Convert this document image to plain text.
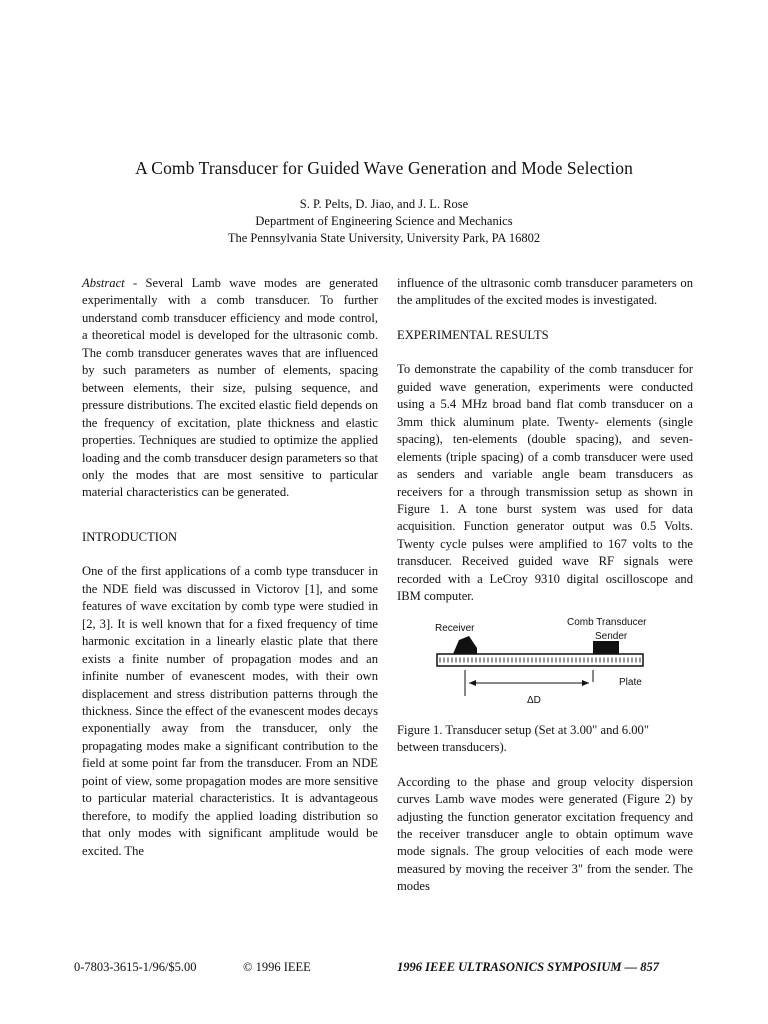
A Comb Transducer for Guided Wave Generation and Mode Selection
S. P. Pelts, D. Jiao, and J. L. Rose
Department of Engineering Science and Mechanics
The Pennsylvania State University, University Park, PA 16802

Abstract - Several Lamb wave modes are generated experimentally with a comb transducer. To further understand comb transducer efficiency and mode control, a theoretical model is developed for the ultrasonic comb. The comb transducer generates waves that are influenced by such parameters as number of elements, spacing between elements, their size, pulsing sequence, and pressure distributions. The excited elastic field depends on the frequency of excitation, plate thickness and elastic properties. Techniques are studied to optimize the applied loading and the comb transducer design parameters so that only the modes that are most sensitive to particular material characteristics can be generated.

INTRODUCTION

One of the first applications of a comb type transducer in the NDE field was discussed in Victorov [1], and some features of wave excitation by comb type were studied in [2, 3]. It is well known that for a fixed frequency of time harmonic excitation in a linearly elastic plate that there exists a finite number of propagation modes and an infinite number of evanescent modes, with their own displacement and stress distribution patterns through the thickness. Since the effect of the evanescent modes decays exponentially away from the transducer, only the propagating modes make a significant contribution to the field at some point far from the transducer. From an NDE point of view, some propagation modes are more sensitive to particular material characteristics. It is advantageous therefore, to modify the applied loading distribution so that only modes with significant amplitude would be excited. The

influence of the ultrasonic comb transducer parameters on the amplitudes of the excited modes is investigated.

EXPERIMENTAL RESULTS

To demonstrate the capability of the comb transducer for guided wave generation, experiments were conducted using a 5.4 MHz broad band flat comb transducer on a 3mm thick aluminum plate. Twenty- elements (single spacing), ten-elements (double spacing), and seven-elements (triple spacing) of a comb transducer were used as senders and variable angle beam transducers as receivers for a through transmission setup as shown in Figure 1. A tone burst system was used for data acquisition. Function generator output was 0.5 Volts. Twenty cycle pulses were amplified to 167 volts to the transducer. Received guided wave RF signals were recorded with a LeCroy 9310 digital oscilloscope and IBM computer.

Receiver
Comb Transducer
Sender
Plate
ΔD

Figure 1. Transducer setup (Set at 3.00" and 6.00" between transducers).

According to the phase and group velocity dispersion curves Lamb wave modes were generated (Figure 2) by adjusting the function generator excitation frequency and the receiver transducer angle to obtain optimum wave mode signals. The group velocities of each mode were measured by moving the receiver 3" from the sender. The modes

0-7803-3615-1/96/$5.00	© 1996 IEEE	1996 IEEE ULTRASONICS SYMPOSIUM — 857
